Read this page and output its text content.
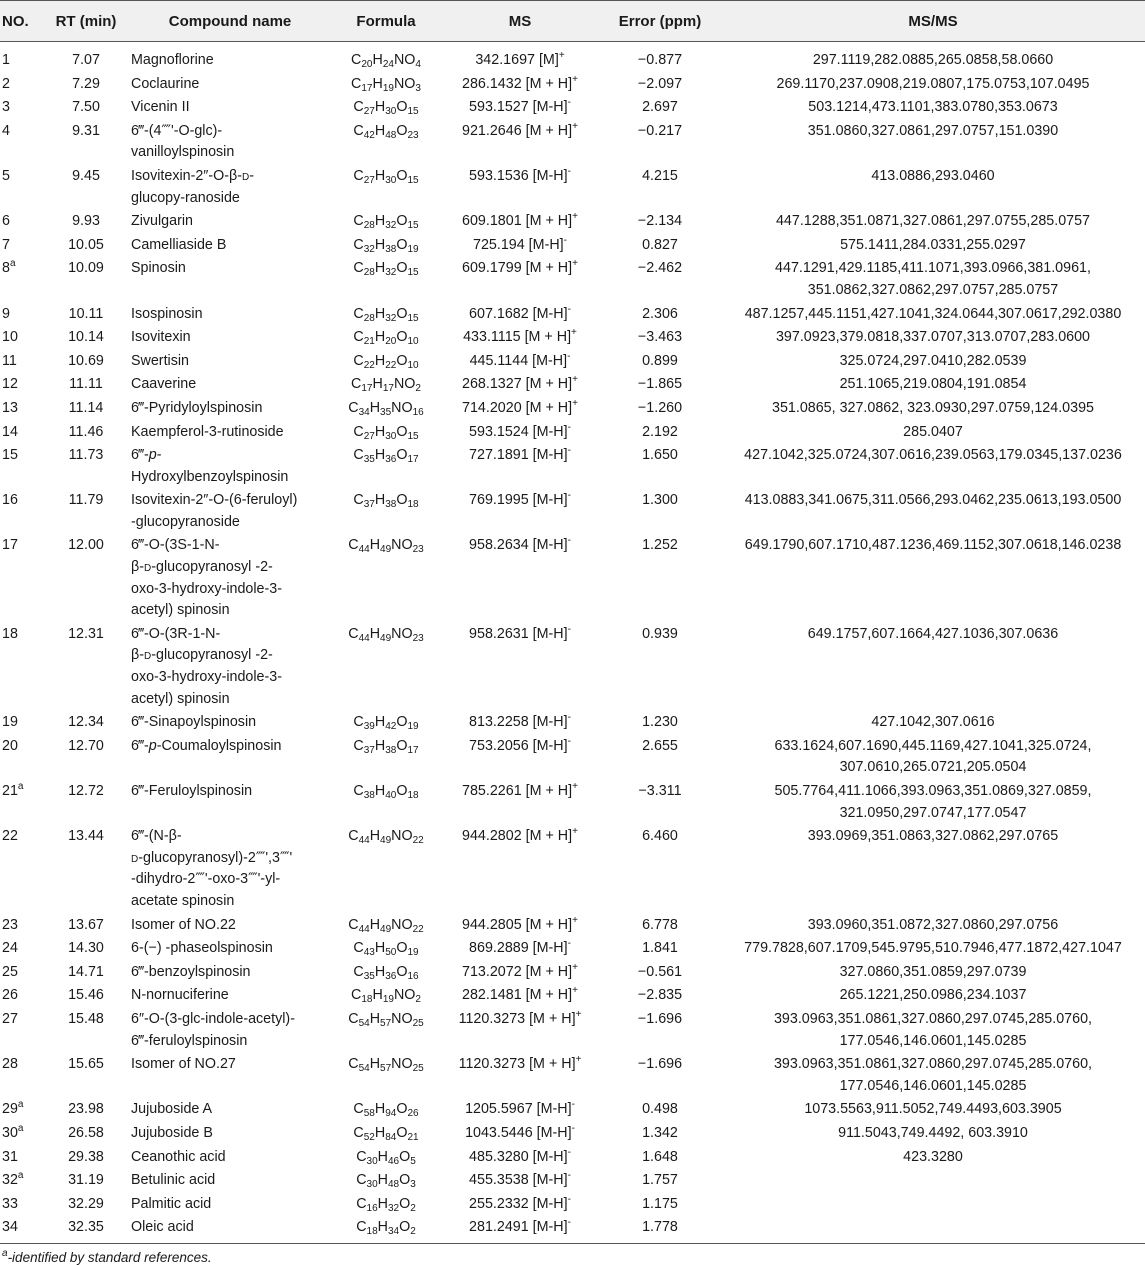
NO.	RT (min)	Compound name	Formula	MS	Error (ppm)	MS/MS
1	7.07	Magnoflorine	$C_{20}H_{24}NO_4$	342.1697 [M]+	−0.877	297.1119,282.0885,265.0858,58.0660
2	7.29	Coclaurine	$C_{17}H_{19}NO_3$	286.1432 [M + H]+	−2.097	269.1170,237.0908,219.0807,175.0753,107.0495
3	7.50	Vicenin II	$C_{27}H_{30}O_{15}$	593.1527 [M-H]-	2.697	503.1214,473.1101,383.0780,353.0673
4	9.31	6‴-(4⁗'-O-glc)-
vanilloylspinosin	$C_{42}H_{48}O_{23}$	921.2646 [M + H]+	−0.217	351.0860,327.0861,297.0757,151.0390
5	9.45	Isovitexin-2″-O-β-d-
glucopy-ranoside	$C_{27}H_{30}O_{15}$	593.1536 [M-H]-	4.215	413.0886,293.0460
6	9.93	Zivulgarin	$C_{28}H_{32}O_{15}$	609.1801 [M + H]+	−2.134	447.1288,351.0871,327.0861,297.0755,285.0757
7	10.05	Camelliaside B	$C_{32}H_{38}O_{19}$	725.194 [M-H]-	0.827	575.1411,284.0331,255.0297
8$^a$	10.09	Spinosin	$C_{28}H_{32}O_{15}$	609.1799 [M + H]+	−2.462	447.1291,429.1185,411.1071,393.0966,381.0961,
351.0862,327.0862,297.0757,285.0757
9	10.11	Isospinosin	$C_{28}H_{32}O_{15}$	607.1682 [M-H]-	2.306	487.1257,445.1151,427.1041,324.0644,307.0617,292.0380
10	10.14	Isovitexin	$C_{21}H_{20}O_{10}$	433.1115 [M + H]+	−3.463	397.0923,379.0818,337.0707,313.0707,283.0600
11	10.69	Swertisin	$C_{22}H_{22}O_{10}$	445.1144 [M-H]-	0.899	325.0724,297.0410,282.0539
12	11.11	Caaverine	$C_{17}H_{17}NO_2$	268.1327 [M + H]+	−1.865	251.1065,219.0804,191.0854
13	11.14	6‴-Pyridyloylspinosin	$C_{34}H_{35}NO_{16}$	714.2020 [M + H]+	−1.260	351.0865, 327.0862, 323.0930,297.0759,124.0395
14	11.46	Kaempferol-3-rutinoside	$C_{27}H_{30}O_{15}$	593.1524 [M-H]-	2.192	285.0407
15	11.73	6‴-p-
Hydroxylbenzoylspinosin	$C_{35}H_{36}O_{17}$	727.1891 [M-H]-	1.650	427.1042,325.0724,307.0616,239.0563,179.0345,137.0236
16	11.79	Isovitexin-2″-O-(6-feruloyl)
-glucopyranoside	$C_{37}H_{38}O_{18}$	769.1995 [M-H]-	1.300	413.0883,341.0675,311.0566,293.0462,235.0613,193.0500
17	12.00	6‴-O-(3S-1-N-
β-d-glucopyranosyl -2-
oxo-3-hydroxy-indole-3-
acetyl) spinosin	$C_{44}H_{49}NO_{23}$	958.2634 [M-H]-	1.252	649.1790,607.1710,487.1236,469.1152,307.0618,146.0238
18	12.31	6‴-O-(3R-1-N-
β-d-glucopyranosyl -2-
oxo-3-hydroxy-indole-3-
acetyl) spinosin	$C_{44}H_{49}NO_{23}$	958.2631 [M-H]-	0.939	649.1757,607.1664,427.1036,307.0636
19	12.34	6‴-Sinapoylspinosin	$C_{39}H_{42}O_{19}$	813.2258 [M-H]-	1.230	427.1042,307.0616
20	12.70	6‴-p-Coumaloylspinosin	$C_{37}H_{38}O_{17}$	753.2056 [M-H]-	2.655	633.1624,607.1690,445.1169,427.1041,325.0724,
307.0610,265.0721,205.0504
21$^a$	12.72	6‴-Feruloylspinosin	$C_{38}H_{40}O_{18}$	785.2261 [M + H]+	−3.311	505.7764,411.1066,393.0963,351.0869,327.0859,
321.0950,297.0747,177.0547
22	13.44	6‴-(N-β-
d-glucopyranosyl)-2⁗',3⁗'
-dihydro-2⁗'-oxo-3⁗'-yl-
acetate spinosin	$C_{44}H_{49}NO_{22}$	944.2802 [M + H]+	6.460	393.0969,351.0863,327.0862,297.0765
23	13.67	Isomer of NO.22	$C_{44}H_{49}NO_{22}$	944.2805 [M + H]+	6.778	393.0960,351.0872,327.0860,297.0756
24	14.30	6-(−) -phaseolspinosin	$C_{43}H_{50}O_{19}$	869.2889 [M-H]-	1.841	779.7828,607.1709,545.9795,510.7946,477.1872,427.1047
25	14.71	6‴-benzoylspinosin	$C_{35}H_{36}O_{16}$	713.2072 [M + H]+	−0.561	327.0860,351.0859,297.0739
26	15.46	N-nornuciferine	$C_{18}H_{19}NO_2$	282.1481 [M + H]+	−2.835	265.1221,250.0986,234.1037
27	15.48	6″-O-(3-glc-indole-acetyl)-
6‴-feruloylspinosin	$C_{54}H_{57}NO_{25}$	1120.3273 [M + H]+	−1.696	393.0963,351.0861,327.0860,297.0745,285.0760,
177.0546,146.0601,145.0285
28	15.65	Isomer of NO.27	$C_{54}H_{57}NO_{25}$	1120.3273 [M + H]+	−1.696	393.0963,351.0861,327.0860,297.0745,285.0760,
177.0546,146.0601,145.0285
29$^a$	23.98	Jujuboside A	$C_{58}H_{94}O_{26}$	1205.5967 [M-H]-	0.498	1073.5563,911.5052,749.4493,603.3905
30$^a$	26.58	Jujuboside B	$C_{52}H_{84}O_{21}$	1043.5446 [M-H]-	1.342	911.5043,749.4492, 603.3910
31	29.38	Ceanothic acid	$C_{30}H_{46}O_5$	485.3280 [M-H]-	1.648	423.3280
32$^a$	31.19	Betulinic acid	$C_{30}H_{48}O_3$	455.3538 [M-H]-	1.757	
33	32.29	Palmitic acid	$C_{16}H_{32}O_2$	255.2332 [M-H]-	1.175	
34	32.35	Oleic acid	$C_{18}H_{34}O_2$	281.2491 [M-H]-	1.778	
$^a$-identified by standard references.
